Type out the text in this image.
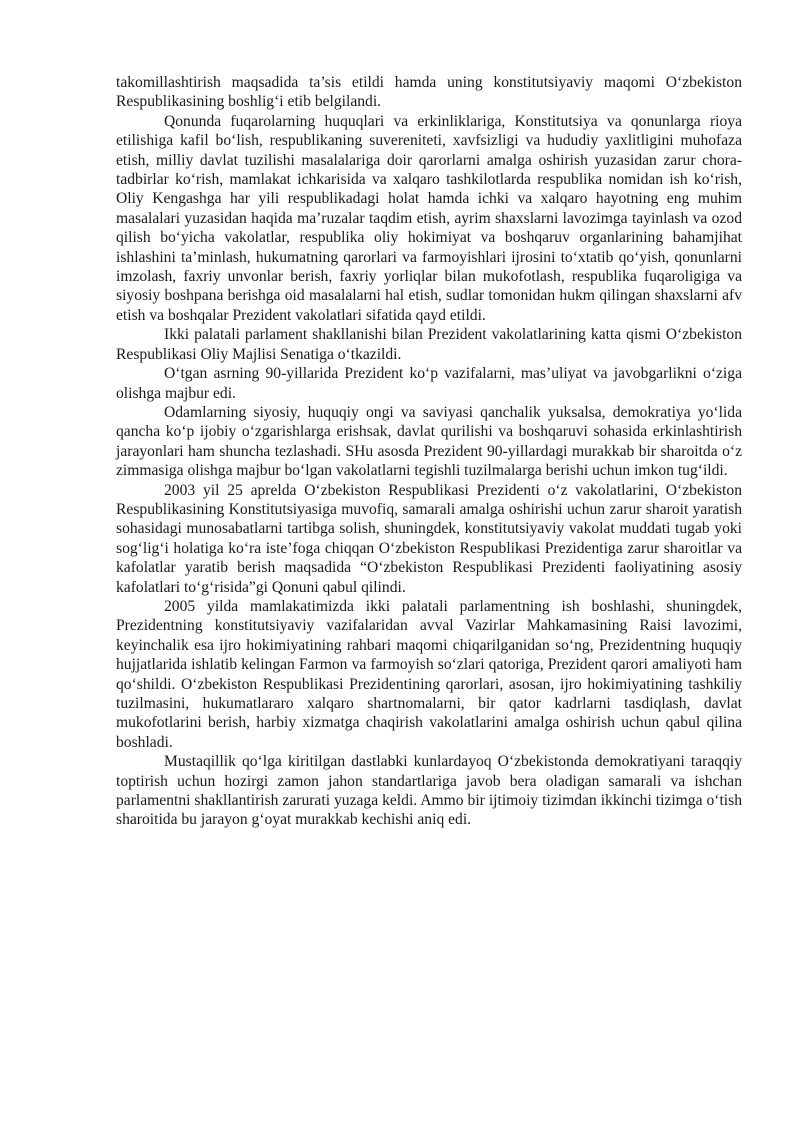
takomillashtirish maqsadida ta’sis etildi hamda uning konstitutsiyaviy maqomi O‘zbekiston Respublikasining boshlig‘i etib belgilandi.

Qonunda fuqarolarning huquqlari va erkinliklariga, Konstitutsiya va qonunlarga rioya etilishiga kafil bo‘lish, respublikaning suvereniteti, xavfsizligi va hududiy yaxlitligini muhofaza etish, milliy davlat tuzilishi masalalariga doir qarorlarni amalga oshirish yuzasidan zarur chora-tadbirlar ko‘rish, mamlakat ichkarisida va xalqaro tashkilotlarda respublika nomidan ish ko‘rish, Oliy Kengashga har yili respublikadagi holat hamda ichki va xalqaro hayotning eng muhim masalalari yuzasidan haqida ma’ruzalar taqdim etish, ayrim shaxslarni lavozimga tayinlash va ozod qilish bo‘yicha vakolatlar, respublika oliy hokimiyat va boshqaruv organlarining bahamjihat ishlashini ta’minlash, hukumatning qarorlari va farmoyishlari ijrosini to‘xtatib qo‘yish, qonunlarni imzolash, faxriy unvonlar berish, faxriy yorliqlar bilan mukofotlash, respublika fuqaroligiga va siyosiy boshpana berishga oid masalalarni hal etish, sudlar tomonidan hukm qilingan shaxslarni afv etish va boshqalar Prezident vakolatlari sifatida qayd etildi.

Ikki palatali parlament shakllanishi bilan Prezident vakolatlarining katta qismi O‘zbekiston Respublikasi Oliy Majlisi Senatiga o‘tkazildi.

O‘tgan asrning 90-yillarida Prezident ko‘p vazifalarni, mas’uliyat va javobgarlikni o‘ziga olishga majbur edi.

Odamlarning siyosiy, huquqiy ongi va saviyasi qanchalik yuksalsa, demokratiya yo‘lida qancha ko‘p ijobiy o‘zgarishlarga erishsak, davlat qurilishi va boshqaruvi sohasida erkinlashtirish jarayonlari ham shuncha tezlashadi. SHu asosda Prezident 90-yillardagi murakkab bir sharoitda o‘z zimmasiga olishga majbur bo‘lgan vakolatlarni tegishli tuzilmalarga berishi uchun imkon tug‘ildi.

2003 yil 25 aprelda O‘zbekiston Respublikasi Prezidenti o‘z vakolatlarini, O‘zbekiston Respublikasining Konstitutsiyasiga muvofiq, samarali amalga oshirishi uchun zarur sharoit yaratish sohasidagi munosabatlarni tartibga solish, shuningdek, konstitutsiyaviy vakolat muddati tugab yoki sog‘lig‘i holatiga ko‘ra iste’foga chiqqan O‘zbekiston Respublikasi Prezidentiga zarur sharoitlar va kafolatlar yaratib berish maqsadida “O‘zbekiston Respublikasi Prezidenti faoliyatining asosiy kafolatlari to‘g‘risida”gi Qonuni qabul qilindi.

2005 yilda mamlakatimizda ikki palatali parlamentning ish boshlashi, shuningdek, Prezidentning konstitutsiyaviy vazifalaridan avval Vazirlar Mahkamasining Raisi lavozimi, keyinchalik esa ijro hokimiyatining rahbari maqomi chiqarilganidan so‘ng, Prezidentning huquqiy hujjatlarida ishlatib kelingan Farmon va farmoyish so‘zlari qatoriga, Prezident qarori amaliyoti ham qo‘shildi. O‘zbekiston Respublikasi Prezidentining qarorlari, asosan, ijro hokimiyatining tashkiliy tuzilmasini, hukumatlararo xalqaro shartnomalarni, bir qator kadrlarni tasdiqlash, davlat mukofotlarini berish, harbiy xizmatga chaqirish vakolatlarini amalga oshirish uchun qabul qilina boshladi.

Mustaqillik qo‘lga kiritilgan dastlabki kunlardayoq O‘zbekistonda demokratiyani taraqqiy toptirish uchun hozirgi zamon jahon standartlariga javob bera oladigan samarali va ishchan parlamentni shakllantirish zarurati yuzaga keldi. Ammo bir ijtimoiy tizimdan ikkinchi tizimga o‘tish sharoitida bu jarayon g‘oyat murakkab kechishi aniq edi.
